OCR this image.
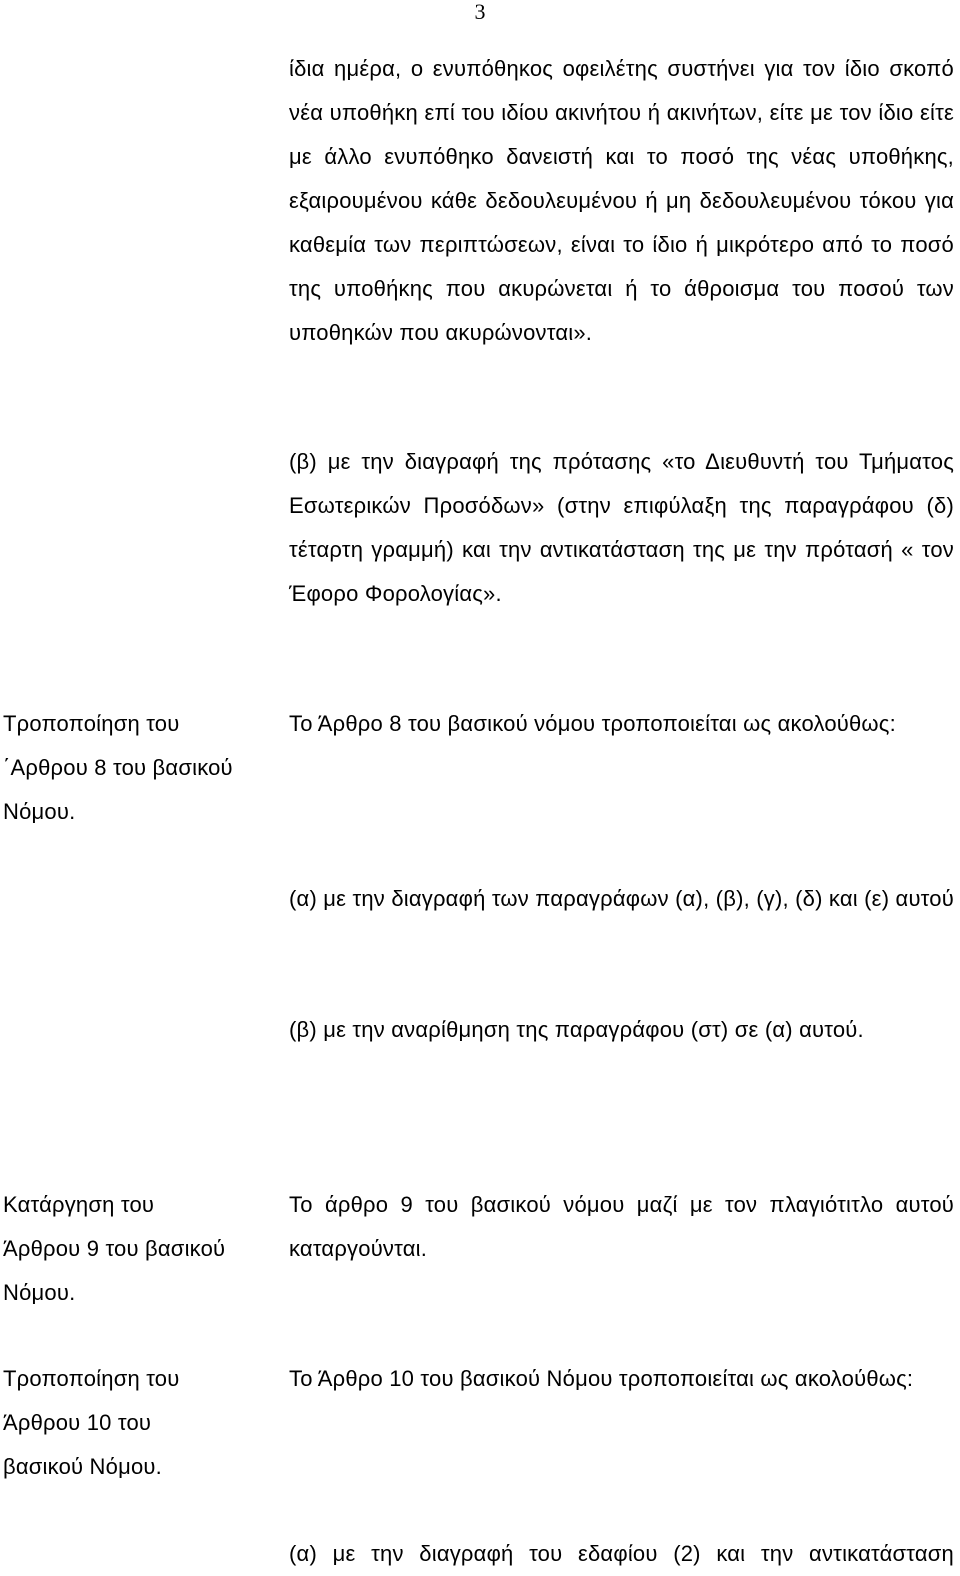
3

ίδια ημέρα, ο ενυπόθηκος οφειλέτης συστήνει για τον ίδιο σκοπό νέα υποθήκη επί του ιδίου ακινήτου ή ακινήτων, είτε με τον ίδιο είτε με άλλο ενυπόθηκο δανειστή και το ποσό της νέας υποθήκης, εξαιρουμένου κάθε δεδουλευμένου ή μη δεδουλευμένου τόκου για καθεμία των περιπτώσεων, είναι το ίδιο ή μικρότερο από το ποσό της υποθήκης που ακυρώνεται ή το άθροισμα του ποσού των υποθηκών που ακυρώνονται».

(β) με την διαγραφή της πρότασης «το Διευθυντή του Τμήματος Εσωτερικών Προσόδων» (στην επιφύλαξη της παραγράφου (δ) τέταρτη γραμμή) και την αντικατάσταση της με την πρότασή « τον Έφορο Φορολογίας».

Τροποποίηση του
΄Αρθρου 8 του βασικού
Νόμου.

Το Άρθρο 8 του βασικού νόμου τροποποιείται ως ακολούθως:

(α) με την διαγραφή των παραγράφων (α), (β), (γ), (δ) και (ε) αυτού

(β) με την αναρίθμηση της παραγράφου (στ) σε (α) αυτού.

Κατάργηση του
Άρθρου 9 του βασικού
Νόμου.

Το άρθρο 9 του βασικού νόμου μαζί με τον πλαγιότιτλο αυτού καταργούνται.

Τροποποίηση του
Άρθρου 10 του
βασικού Νόμου.

Το Άρθρο 10 του βασικού Νόμου τροποποιείται ως ακολούθως:

(α) με την διαγραφή του εδαφίου (2) και την αντικατάσταση
